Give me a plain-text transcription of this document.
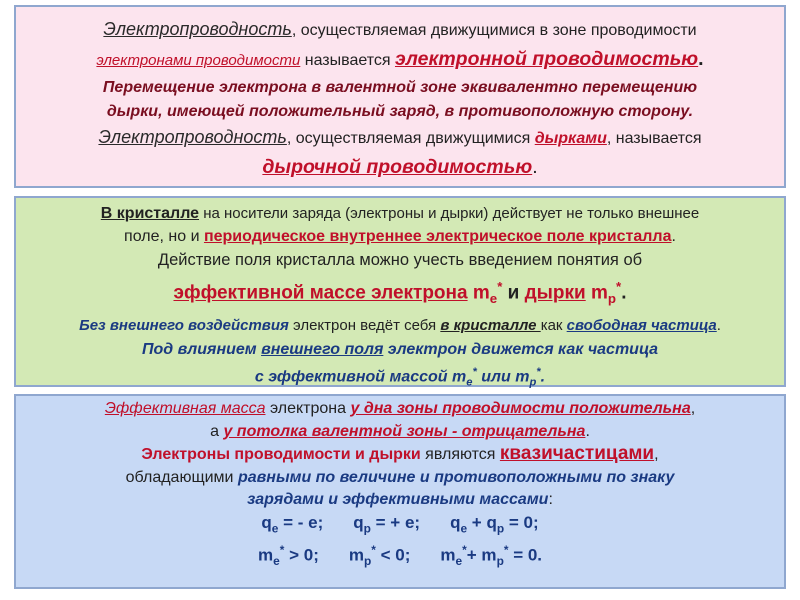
Электропроводность, осуществляемая движущимися в зоне проводимости
электронами проводимости называется электронной проводимостью.
Перемещение электрона в валентной зоне эквивалентно перемещению
дырки, имеющей положительный заряд, в противоположную сторону.
Электропроводность, осуществляемая движущимися дырками, называется
дырочной проводимостью.
В кристалле на носители заряда (электроны и дырки) действует не только внешнее
поле, но и периодическое внутреннее электрическое поле кристалла.
Действие поля кристалла можно учесть введением понятия об
эффективной массе электрона $m_e^*$ и дырки $m_p^*$.
Без внешнего воздействия электрон ведёт себя в кристалле как свободная частица.
Под влиянием внешнего поля электрон движется как частица
с эффективной массой $m_e^*$ или $m_p^*$.
Эффективная масса электрона у дна зоны проводимости положительна,
а у потолка валентной зоны - отрицательна.
Электроны проводимости и дырки являются квазичастицами,
обладающими равными по величине и противоположными по знаку
зарядами и эффективными массами:
$q_e$ = - e; $q_p$ = + e; $q_e + q_p = 0$;
$m_e^* > 0$; $m_p^* < 0$; $m_e^*+ m_p^* = 0$.
